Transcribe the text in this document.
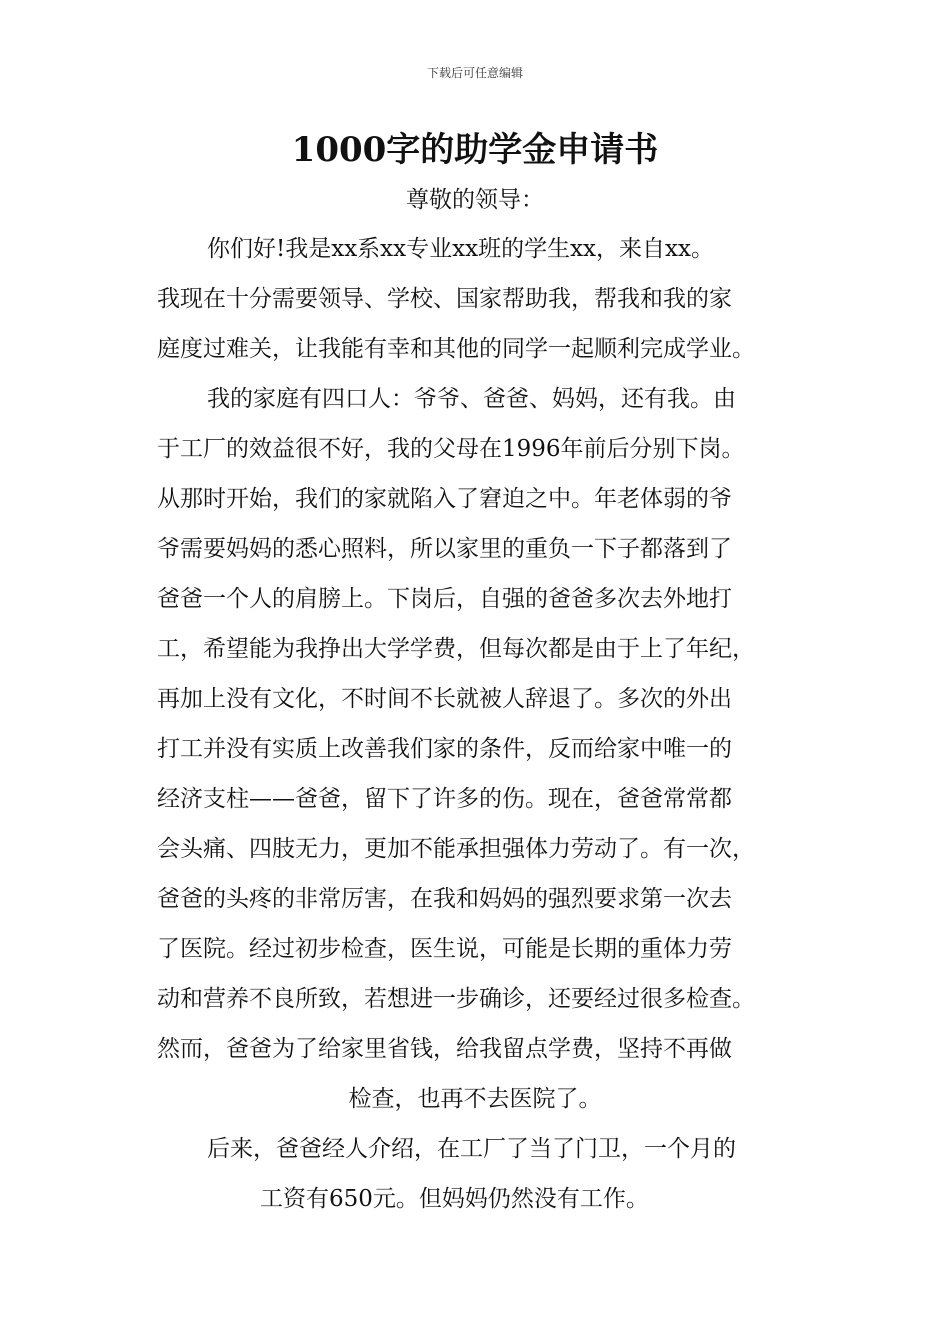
下载后可任意编辑
1000字的助学金申请书
尊敬的领导：
你们好!我是xx系xx专业xx班的学生xx，来自xx。
我现在十分需要领导、学校、国家帮助我，帮我和我的家
庭度过难关，让我能有幸和其他的同学一起顺利完成学业。
我的家庭有四口人：爷爷、爸爸、妈妈，还有我。由
于工厂的效益很不好，我的父母在1996年前后分别下岗。
从那时开始，我们的家就陷入了窘迫之中。年老体弱的爷
爷需要妈妈的悉心照料，所以家里的重负一下子都落到了
爸爸一个人的肩膀上。下岗后，自强的爸爸多次去外地打
工，希望能为我挣出大学学费，但每次都是由于上了年纪，
再加上没有文化，不时间不长就被人辞退了。多次的外出
打工并没有实质上改善我们家的条件，反而给家中唯一的
经济支柱——爸爸，留下了许多的伤。现在，爸爸常常都
会头痛、四肢无力，更加不能承担强体力劳动了。有一次，
爸爸的头疼的非常厉害，在我和妈妈的强烈要求第一次去
了医院。经过初步检查，医生说，可能是长期的重体力劳
动和营养不良所致，若想进一步确诊，还要经过很多检查。
然而，爸爸为了给家里省钱，给我留点学费，坚持不再做
检查，也再不去医院了。
后来，爸爸经人介绍，在工厂了当了门卫，一个月的
工资有650元。但妈妈仍然没有工作。
